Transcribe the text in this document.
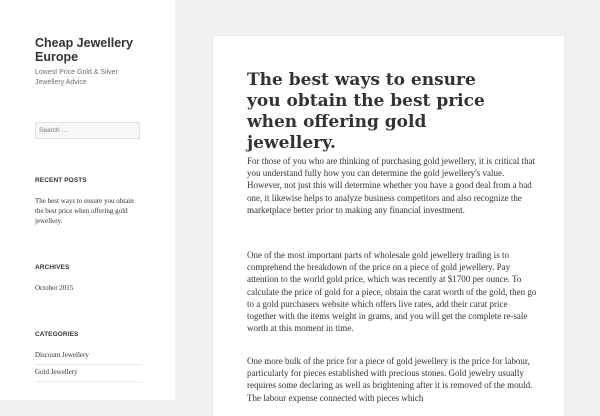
Cheap Jewellery Europe
Lowest Price Gold & Silver Jewellery Advice
Search …
RECENT POSTS
The best ways to ensure you obtain the best price when offering gold jewellery.
ARCHIVES
October 2015
CATEGORIES
Discount Jewellery
Gold Jewellery
The best ways to ensure you obtain the best price when offering gold jewellery.

For those of you who are thinking of purchasing gold jewellery, it is critical that you understand fully how you can determine the gold jewellery's value. However, not just this will determine whether you have a good deal from a bad one, it likewise helps to analyze business competitors and also recognize the marketplace better prior to making any financial investment.

One of the most important parts of wholesale gold jewellery trading is to comprehend the breakdown of the price on a piece of gold jewellery. Pay attention to the world gold price, which was recently at $1700 per ounce. To calculate the price of gold for a piece, obtain the carat worth of the gold, then go to a gold purchasers website which offers live rates, add their carat price together with the items weight in grams, and you will get the complete re-sale worth at this moment in time.

One more bulk of the price for a piece of gold jewellery is the price for labour, particularly for pieces established with precious stones. Gold jewelry usually requires some declaring as well as brightening after it is removed of the mould. The labour expense connected with pieces which
